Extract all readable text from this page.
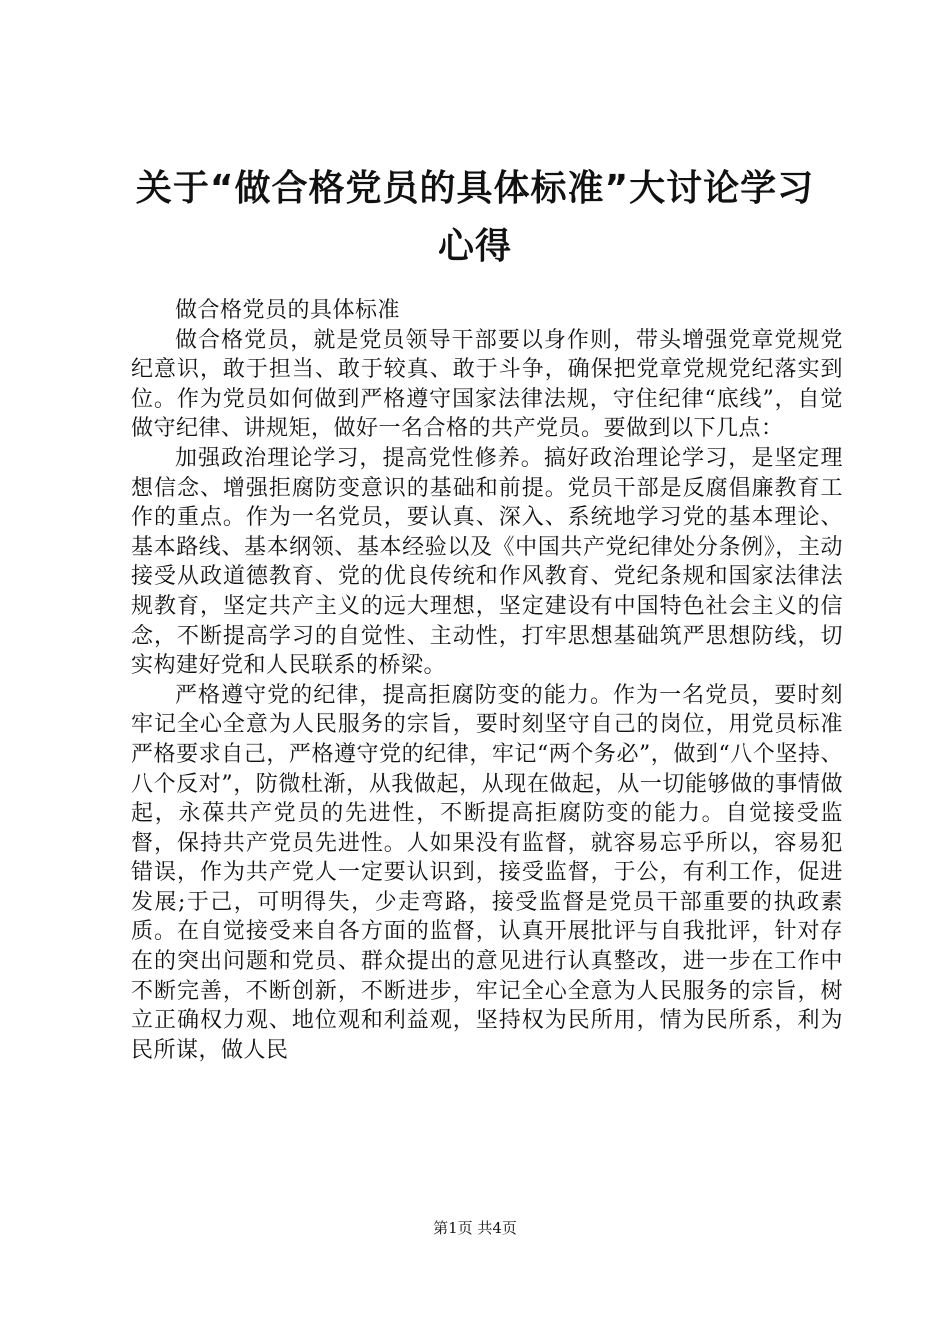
关于“做合格党员的具体标准”大讨论学习心得

做合格党员的具体标准

做合格党员，就是党员领导干部要以身作则，带头增强党章党规党纪意识，敢于担当、敢于较真、敢于斗争，确保把党章党规党纪落实到位。作为党员如何做到严格遵守国家法律法规，守住纪律“底线”，自觉做守纪律、讲规矩，做好一名合格的共产党员。要做到以下几点：

加强政治理论学习，提高党性修养。搞好政治理论学习，是坚定理想信念、增强拒腐防变意识的基础和前提。党员干部是反腐倡廉教育工作的重点。作为一名党员，要认真、深入、系统地学习党的基本理论、基本路线、基本纲领、基本经验以及《中国共产党纪律处分条例》，主动接受从政道德教育、党的优良传统和作风教育、党纪条规和国家法律法规教育，坚定共产主义的远大理想，坚定建设有中国特色社会主义的信念，不断提高学习的自觉性、主动性，打牢思想基础筑严思想防线，切实构建好党和人民联系的桥梁。

严格遵守党的纪律，提高拒腐防变的能力。作为一名党员，要时刻牢记全心全意为人民服务的宗旨，要时刻坚守自己的岗位，用党员标准严格要求自己，严格遵守党的纪律，牢记“两个务必”，做到“八个坚持、八个反对”，防微杜渐，从我做起，从现在做起，从一切能够做的事情做起，永葆共产党员的先进性，不断提高拒腐防变的能力。自觉接受监督，保持共产党员先进性。人如果没有监督，就容易忘乎所以，容易犯错误，作为共产党人一定要认识到，接受监督，于公，有利工作，促进发展;于己，可明得失，少走弯路，接受监督是党员干部重要的执政素质。在自觉接受来自各方面的监督，认真开展批评与自我批评，针对存在的突出问题和党员、群众提出的意见进行认真整改，进一步在工作中不断完善，不断创新，不断进步，牢记全心全意为人民服务的宗旨，树立正确权力观、地位观和利益观，坚持权为民所用，情为民所系，利为民所谋，做人民

第1页 共4页
